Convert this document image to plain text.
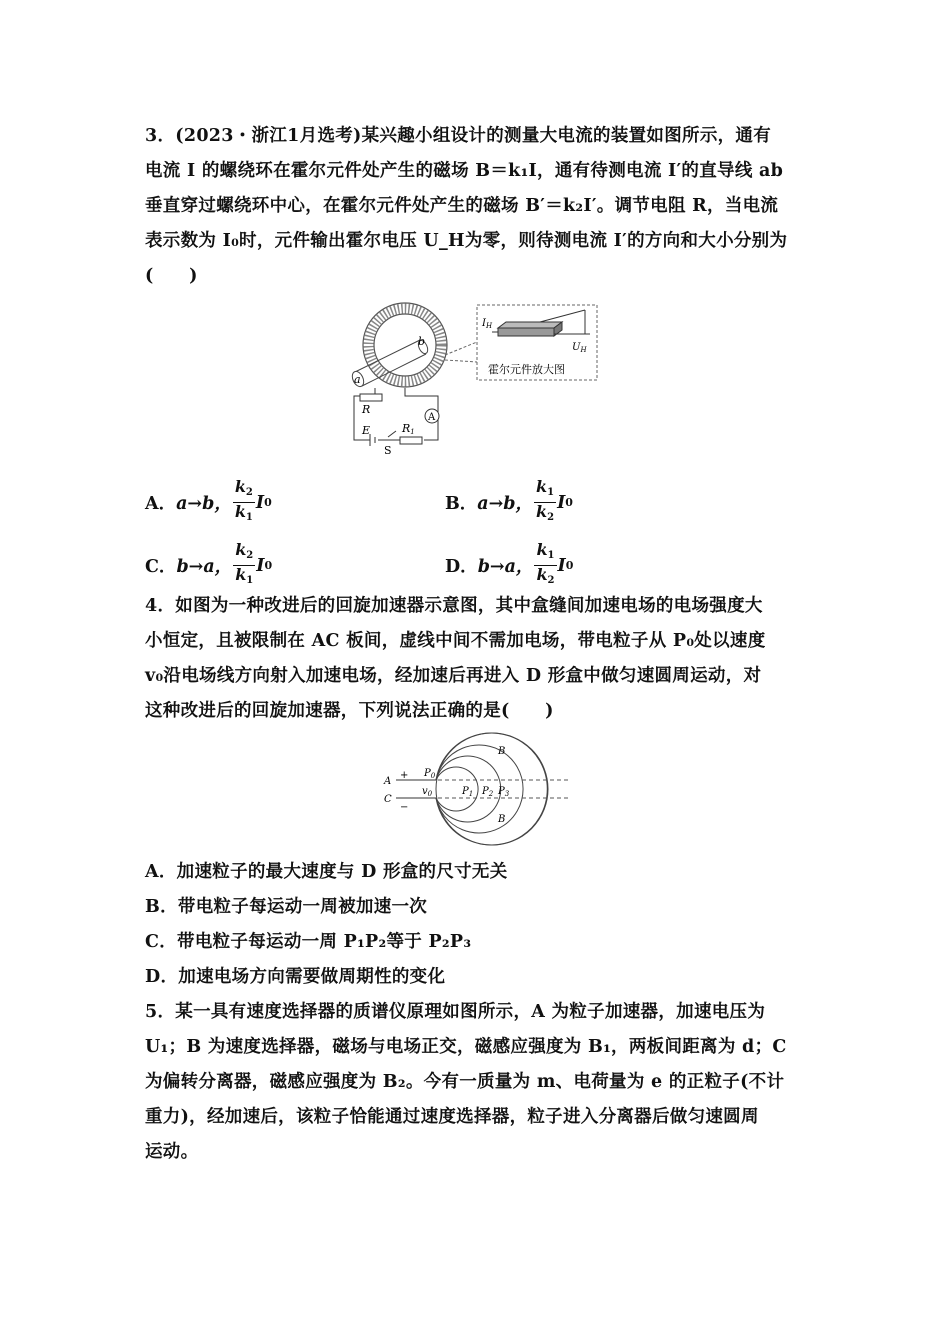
3．(2023・浙江1月选考)某兴趣小组设计的测量大电流的装置如图所示，通有
电流 I 的螺绕环在霍尔元件处产生的磁场 B＝k₁I，通有待测电流 I′的直导线 ab
垂直穿过螺绕环中心，在霍尔元件处产生的磁场 B′＝k₂I′。调节电阻 R，当电流
表示数为 I₀时，元件输出霍尔电压 U_H为零，则待测电流 I′的方向和大小分别为
(　　)
a
b
$I_H$
$U_H$
霍尔元件放大图
R
A
E	R1
S
A． a→b， $\frac{k2}{k1}$ I 0	B． a→b， $\frac{k1}{k2}$ I 0
C． b→a， $\frac{k2}{k1}$ I 0	D． b→a， $\frac{k1}{k2}$ I 0
4．如图为一种改进后的回旋加速器示意图，其中盒缝间加速电场的电场强度大
小恒定，且被限制在 AC 板间，虚线中间不需加电场，带电粒子从 P₀处以速度
v₀沿电场线方向射入加速电场，经加速后再进入 D 形盒中做匀速圆周运动，对
这种改进后的回旋加速器，下列说法正确的是(　　)
A
C
+
−
$P_0$
$v_0$	$P_1$ $P_2$ $P_3$
B
B
A．加速粒子的最大速度与 D 形盒的尺寸无关
B．带电粒子每运动一周被加速一次
C．带电粒子每运动一周 P₁P₂等于 P₂P₃
D．加速电场方向需要做周期性的变化
5．某一具有速度选择器的质谱仪原理如图所示，A 为粒子加速器，加速电压为
U₁；B 为速度选择器，磁场与电场正交，磁感应强度为 B₁，两板间距离为 d；C
为偏转分离器，磁感应强度为 B₂。今有一质量为 m、电荷量为 e 的正粒子(不计
重力)，经加速后，该粒子恰能通过速度选择器，粒子进入分离器后做匀速圆周
运动。
